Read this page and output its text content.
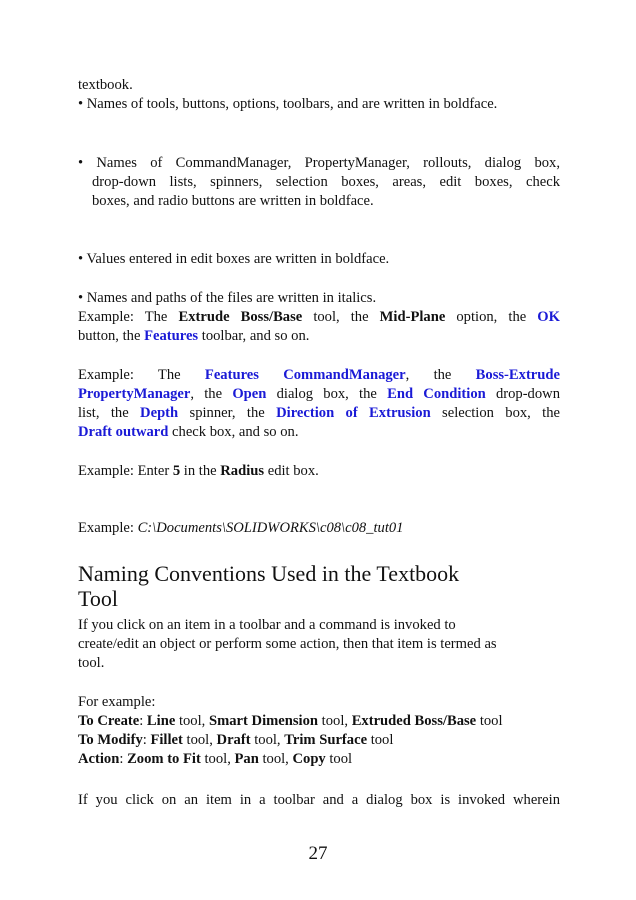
textbook.
• Names of tools, buttons, options, toolbars, and are written in boldface.
• Names of CommandManager, PropertyManager, rollouts, dialog box,
drop-down lists, spinners, selection boxes, areas, edit boxes, check
boxes, and radio buttons are written in boldface.
• Values entered in edit boxes are written in boldface.
• Names and paths of the files are written in italics.
Example: The Extrude Boss/Base tool, the Mid-Plane option, the OK
button, the Features toolbar, and so on.
Example: The Features CommandManager, the Boss-Extrude
PropertyManager, the Open dialog box, the End Condition drop-down
list, the Depth spinner, the Direction of Extrusion selection box, the
Draft outward check box, and so on.
Example: Enter 5 in the Radius edit box.
Example: C:\Documents\SOLIDWORKS\c08\c08_tut01
Naming Conventions Used in the Textbook
Tool
If you click on an item in a toolbar and a command is invoked to
create/edit an object or perform some action, then that item is termed as
tool.
For example:
To Create: Line tool, Smart Dimension tool, Extruded Boss/Base tool
To Modify: Fillet tool, Draft tool, Trim Surface tool
Action: Zoom to Fit tool, Pan tool, Copy tool
If you click on an item in a toolbar and a dialog box is invoked wherein
27
